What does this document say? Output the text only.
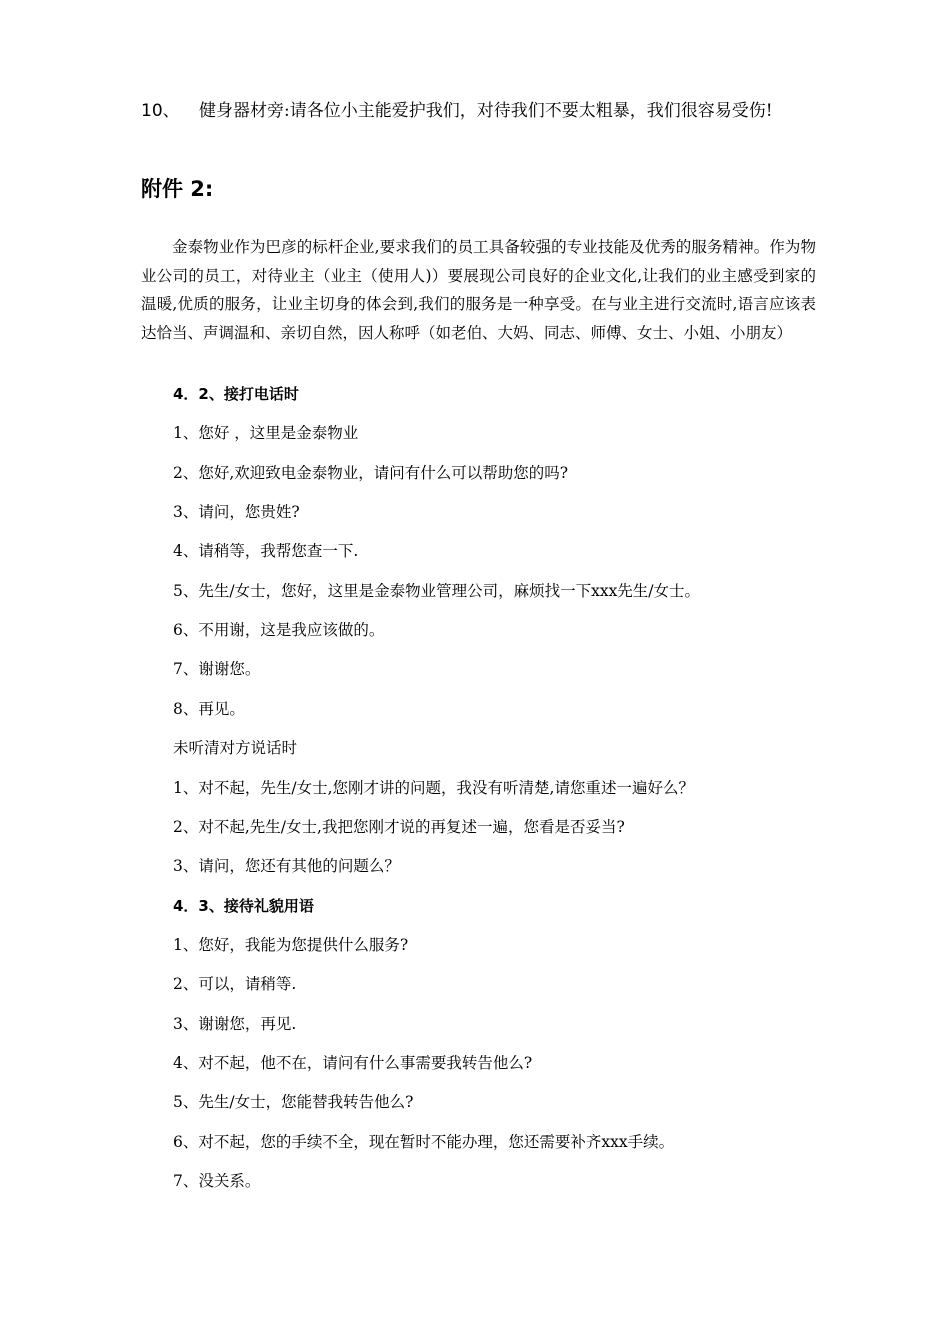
10、 健身器材旁:请各位小主能爱护我们，对待我们不要太粗暴，我们很容易受伤!
附件 2:
金泰物业作为巴彦的标杆企业,要求我们的员工具备较强的专业技能及优秀的服务精神。作为物业公司的员工，对待业主（业主（使用人)）要展现公司良好的企业文化,让我们的业主感受到家的温暖,优质的服务，让业主切身的体会到,我们的服务是一种享受。在与业主进行交流时,语言应该表达恰当、声调温和、亲切自然，因人称呼（如老伯、大妈、同志、师傅、女士、小姐、小朋友）
4．2、接打电话时
1、您好 ，这里是金泰物业
2、您好,欢迎致电金泰物业，请问有什么可以帮助您的吗?
3、请问，您贵姓?
4、请稍等，我帮您查一下.
5、先生/女士，您好，这里是金泰物业管理公司，麻烦找一下xxx先生/女士。
6、不用谢，这是我应该做的。
7、谢谢您。
8、再见。
未听清对方说话时
1、对不起，先生/女士,您刚才讲的问题，我没有听清楚,请您重述一遍好么？
2、对不起,先生/女士,我把您刚才说的再复述一遍，您看是否妥当?
3、请问，您还有其他的问题么？
4．3、接待礼貌用语
1、您好，我能为您提供什么服务?
2、可以，请稍等.
3、谢谢您，再见.
4、对不起，他不在，请问有什么事需要我转告他么?
5、先生/女士，您能替我转告他么?
6、对不起，您的手续不全，现在暂时不能办理，您还需要补齐xxx手续。
7、没关系。
